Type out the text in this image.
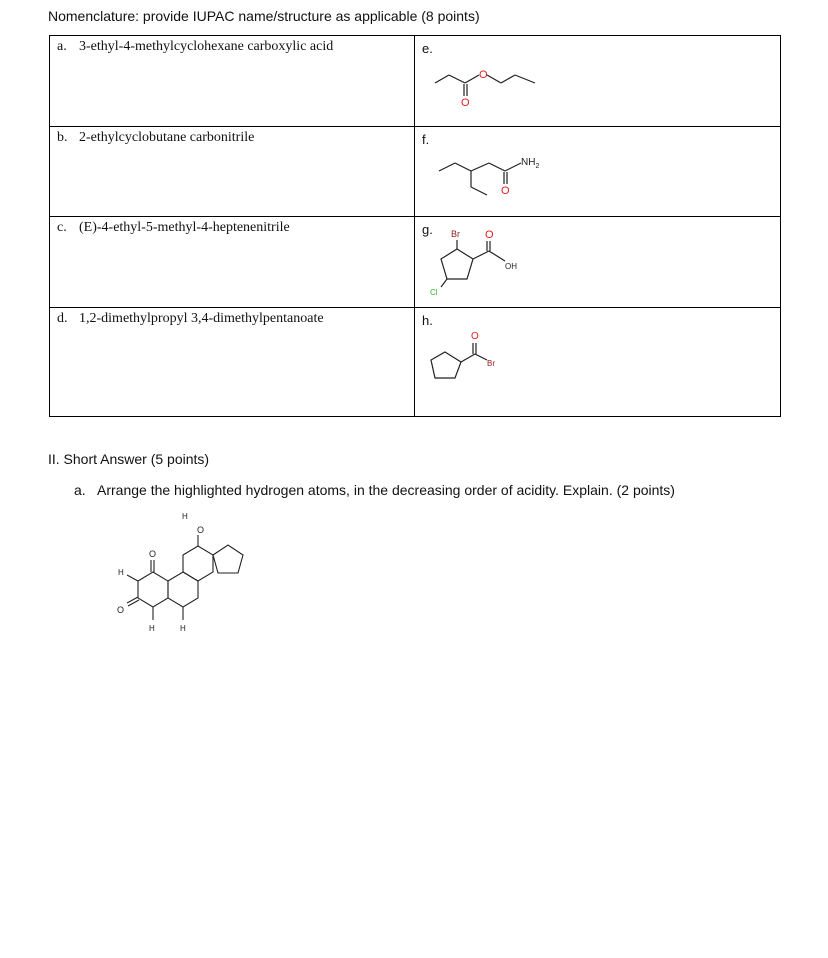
Nomenclature: provide IUPAC name/structure as applicable (8 points)
a. 3-ethyl-4-methylcyclohexane carboxylic acid	e.
O
O

b. 2-ethylcyclobutane carbonitrile	f.
$NH_2$
O

c. (E)-4-ethyl-5-methyl-4-heptenenitrile	g. Br O
OH
Cl

d. 1,2-dimethylpropyl 3,4-dimethylpentanoate	h.
O
Br
II. Short Answer (5 points)
a. Arrange the highlighted hydrogen atoms, in the decreasing order of acidity. Explain. (2 points)
H
O
O
H
O
H	H
